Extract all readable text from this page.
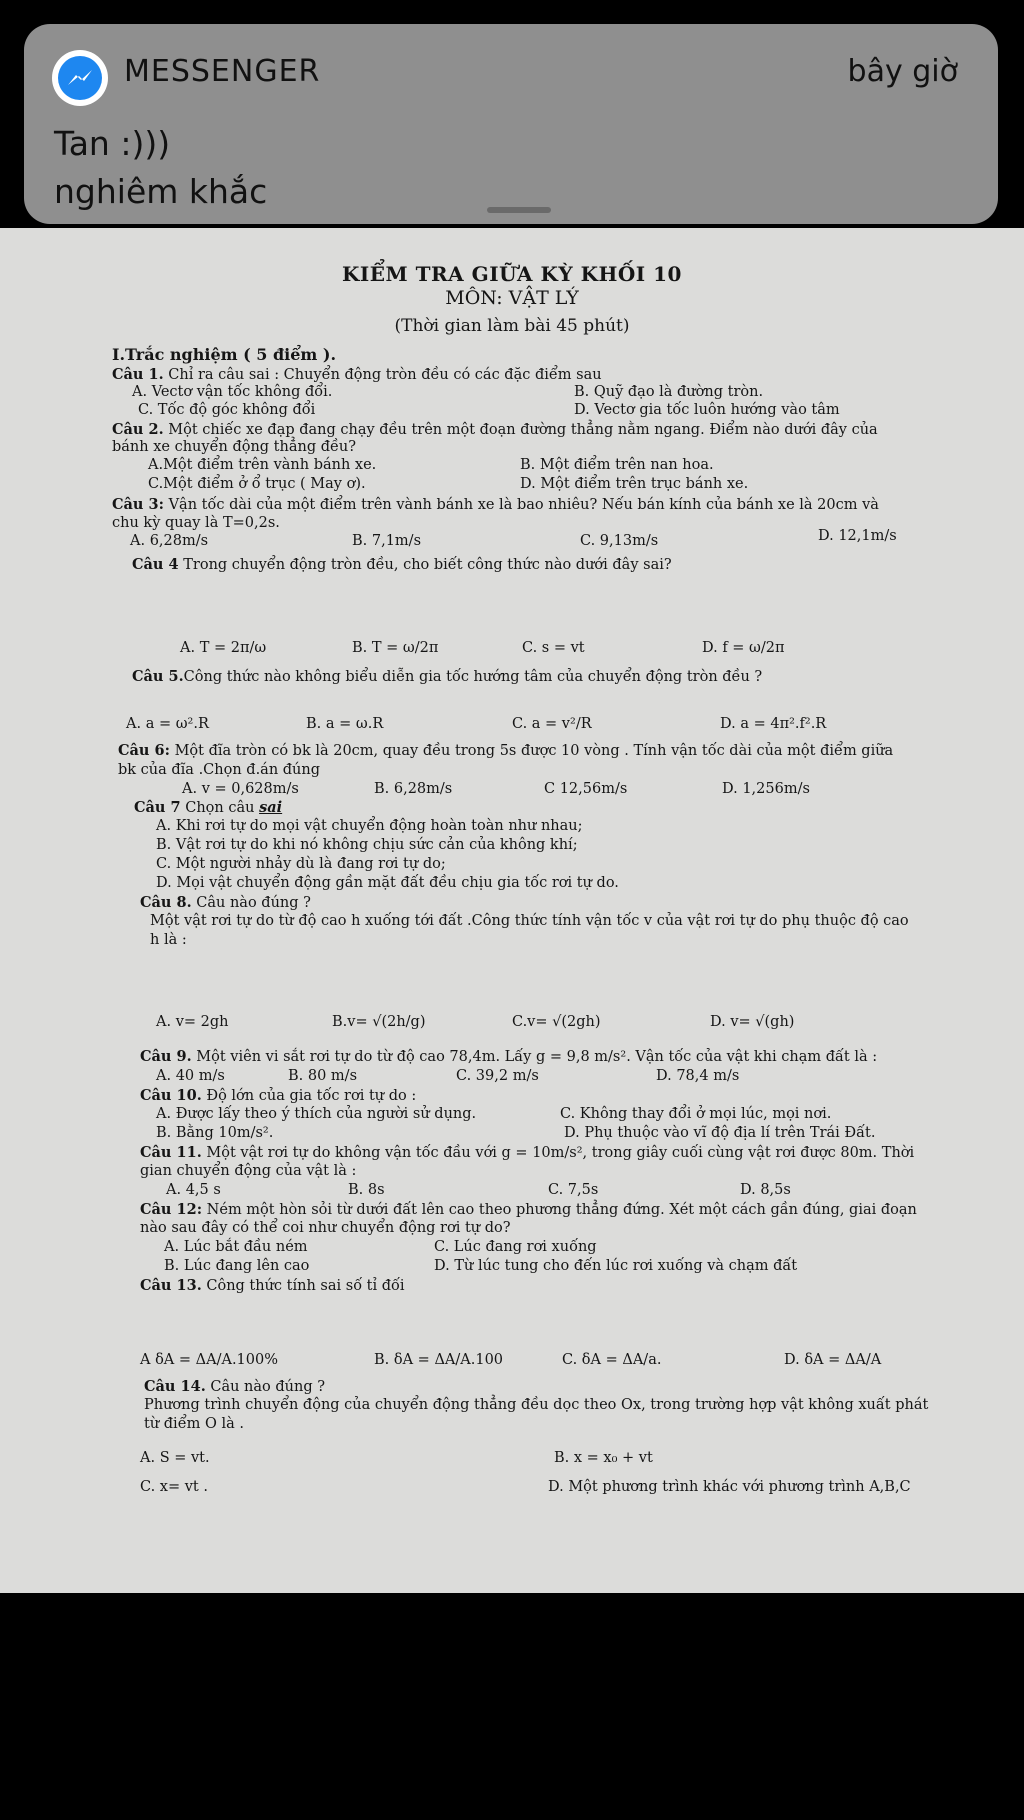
MESSENGER	bây giờ
Tan :)))
nghiêm khắc
KIỂM TRA GIỮA KỲ KHỐI 10
MÔN: VẬT LÝ
(Thời gian làm bài 45 phút)
I.Trắc nghiệm ( 5 điểm ).
Câu 1. Chỉ ra câu sai : Chuyển động tròn đều có các đặc điểm sau
A. Vectơ vận tốc không đổi.	B. Quỹ đạo là đường tròn.
C. Tốc độ góc không đổi	D. Vectơ gia tốc luôn hướng vào tâm
Câu 2. Một chiếc xe đạp đang chạy đều trên một đoạn đường thẳng nằm ngang. Điểm nào dưới đây của
bánh xe chuyển động thẳng đều?
A.Một điểm trên vành bánh xe.	B. Một điểm trên nan hoa.
C.Một điểm ở ổ trục ( May ơ).	D. Một điểm trên trục bánh xe.
Câu 3: Vận tốc dài của một điểm trên vành bánh xe là bao nhiêu? Nếu bán kính của bánh xe là 20cm và
chu kỳ quay là T=0,2s.
A. 6,28m/s	B. 7,1m/s	C. 9,13m/s	D. 12,1m/s
Câu 4 Trong chuyển động tròn đều, cho biết công thức nào dưới đây sai?
A. T = 2π/ω	B. T = ω/2π	C. s = vt	D. f = ω/2π
Câu 5.Công thức nào không biểu diễn gia tốc hướng tâm của chuyển động tròn đều ?
A. a = ω².R	B. a = ω.R	C. a = v²/R	D. a = 4π².f².R
Câu 6: Một đĩa tròn có bk là 20cm, quay đều trong 5s được 10 vòng . Tính vận tốc dài của một điểm giữa
bk của đĩa .Chọn đ.án đúng
A. v = 0,628m/s	B. 6,28m/s	C 12,56m/s	D. 1,256m/s
Câu 7 Chọn câu sai
A. Khi rơi tự do mọi vật chuyển động hoàn toàn như nhau;
B. Vật rơi tự do khi nó không chịu sức cản của không khí;
C. Một người nhảy dù là đang rơi tự do;
D. Mọi vật chuyển động gần mặt đất đều chịu gia tốc rơi tự do.
Câu 8. Câu nào đúng ?
Một vật rơi tự do từ độ cao h xuống tới đất .Công thức tính vận tốc v của vật rơi tự do phụ thuộc độ cao
h là :
A. v= 2gh	B.v= √(2h/g)	C.v= √(2gh)	D. v= √(gh)
Câu 9. Một viên vi sắt rơi tự do từ độ cao 78,4m. Lấy g = 9,8 m/s². Vận tốc của vật khi chạm đất là :
A. 40 m/s	B. 80 m/s	C. 39,2 m/s	D. 78,4 m/s
Câu 10. Độ lớn của gia tốc rơi tự do :
A. Được lấy theo ý thích của người sử dụng.	C. Không thay đổi ở mọi lúc, mọi nơi.
B. Bằng 10m/s².	D. Phụ thuộc vào vĩ độ địa lí trên Trái Đất.
Câu 11. Một vật rơi tự do không vận tốc đầu với g = 10m/s², trong giây cuối cùng vật rơi được 80m. Thời
gian chuyển động của vật là :
A. 4,5 s	B. 8s	C. 7,5s	D. 8,5s
Câu 12: Ném một hòn sỏi từ dưới đất lên cao theo phương thẳng đứng. Xét một cách gần đúng, giai đoạn
nào sau đây có thể coi như chuyển động rơi tự do?
A. Lúc bắt đầu ném	C. Lúc đang rơi xuống
B. Lúc đang lên cao	D. Từ lúc tung cho đến lúc rơi xuống và chạm đất
Câu 13. Công thức tính sai số tỉ đối
A δA = ΔA/A.100%	B. δA = ΔA/A.100	C. δA = ΔA/a.	D. δA = ΔA/A
Câu 14. Câu nào đúng ?
Phương trình chuyển động của chuyển động thẳng đều dọc theo Ox, trong trường hợp vật không xuất phát
từ điểm O là .
A. S = vt.	B. x = x₀ + vt
C. x= vt .	D. Một phương trình khác với phương trình A,B,C
